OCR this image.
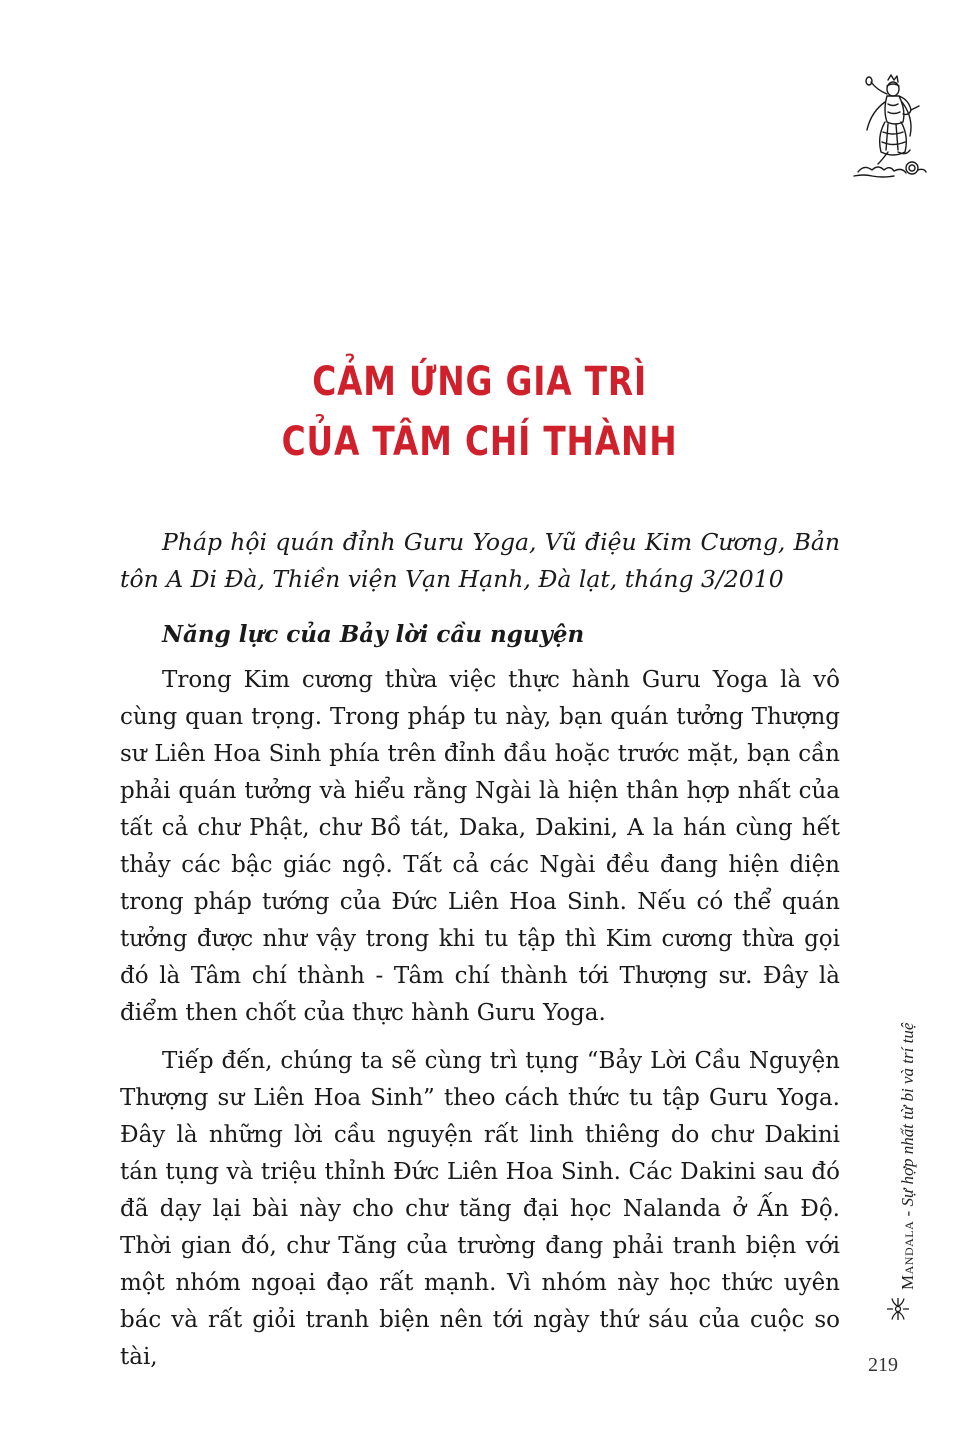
CẢM ỨNG GIA TRÌ
CỦA TÂM CHÍ THÀNH

Pháp hội quán đỉnh Guru Yoga, Vũ điệu Kim Cương, Bản tôn A Di Đà, Thiền viện Vạn Hạnh, Đà lạt, tháng 3/2010

Năng lực của Bảy lời cầu nguyện

Trong Kim cương thừa việc thực hành Guru Yoga là vô cùng quan trọng. Trong pháp tu này, bạn quán tưởng Thượng sư Liên Hoa Sinh phía trên đỉnh đầu hoặc trước mặt, bạn cần phải quán tưởng và hiểu rằng Ngài là hiện thân hợp nhất của tất cả chư Phật, chư Bồ tát, Daka, Dakini, A la hán cùng hết thảy các bậc giác ngộ. Tất cả các Ngài đều đang hiện diện trong pháp tướng của Đức Liên Hoa Sinh. Nếu có thể quán tưởng được như vậy trong khi tu tập thì Kim cương thừa gọi đó là Tâm chí thành - Tâm chí thành tới Thượng sư. Đây là điểm then chốt của thực hành Guru Yoga.

Tiếp đến, chúng ta sẽ cùng trì tụng “Bảy Lời Cầu Nguyện Thượng sư Liên Hoa Sinh” theo cách thức tu tập Guru Yoga. Đây là những lời cầu nguyện rất linh thiêng do chư Dakini tán tụng và triệu thỉnh Đức Liên Hoa Sinh. Các Dakini sau đó đã dạy lại bài này cho chư tăng đại học Nalanda ở Ấn Độ. Thời gian đó, chư Tăng của trường đang phải tranh biện với một nhóm ngoại đạo rất mạnh. Vì nhóm này học thức uyên bác và rất giỏi tranh biện nên tới ngày thứ sáu của cuộc so tài,

Mandala - Sự hợp nhất từ bi và trí tuệ
219
